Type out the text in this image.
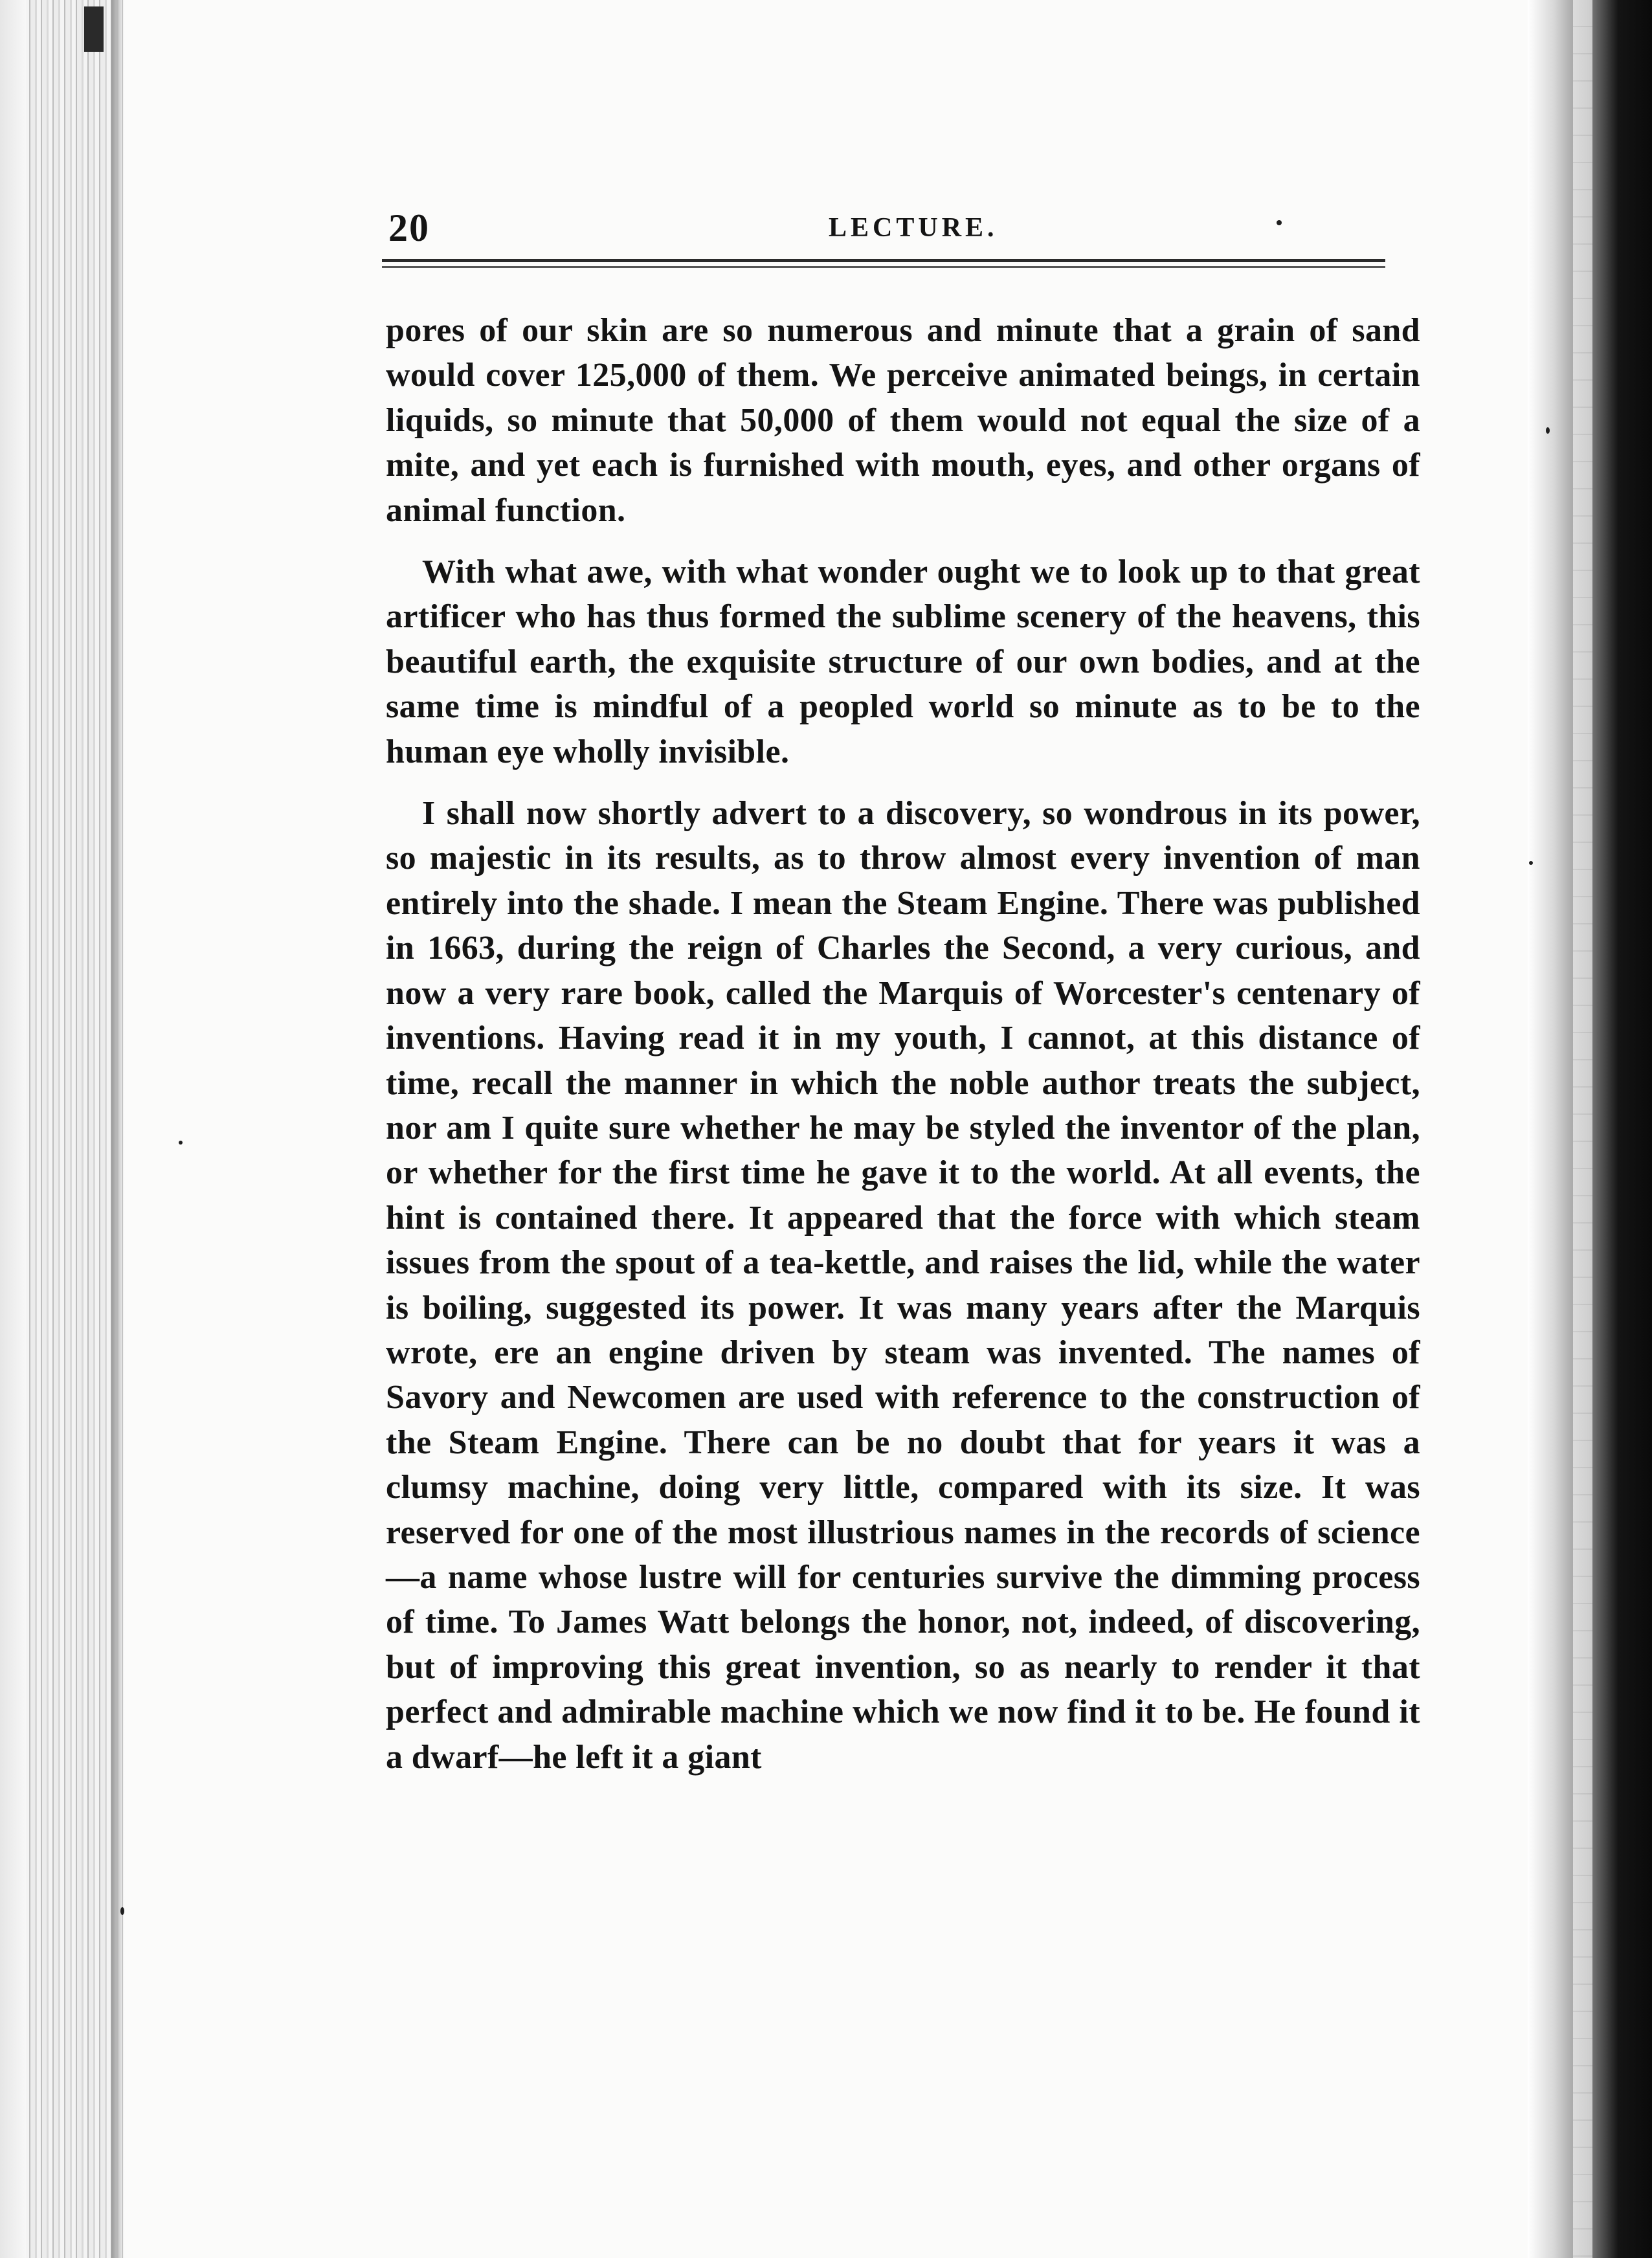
20	LECTURE.

pores of our skin are so numerous and minute that a grain of sand would cover 125,000 of them. We perceive animated beings, in certain liquids, so minute that 50,000 of them would not equal the size of a mite, and yet each is furnished with mouth, eyes, and other organs of animal function.

With what awe, with what wonder ought we to look up to that great artificer who has thus formed the sublime scenery of the heavens, this beautiful earth, the exquisite structure of our own bodies, and at the same time is mindful of a peopled world so minute as to be to the human eye wholly invisible.

I shall now shortly advert to a discovery, so wondrous in its power, so majestic in its results, as to throw almost every invention of man entirely into the shade. I mean the Steam Engine. There was published in 1663, during the reign of Charles the Second, a very curious, and now a very rare book, called the Marquis of Worcester's centenary of inventions. Having read it in my youth, I cannot, at this distance of time, recall the manner in which the noble author treats the subject, nor am I quite sure whether he may be styled the inventor of the plan, or whether for the first time he gave it to the world. At all events, the hint is contained there. It appeared that the force with which steam issues from the spout of a tea-kettle, and raises the lid, while the water is boiling, suggested its power. It was many years after the Marquis wrote, ere an engine driven by steam was invented. The names of Savory and Newcomen are used with reference to the construction of the Steam Engine. There can be no doubt that for years it was a clumsy machine, doing very little, compared with its size. It was reserved for one of the most illustrious names in the records of science—a name whose lustre will for centuries survive the dimming process of time. To James Watt belongs the honor, not, indeed, of discovering, but of improving this great invention, so as nearly to render it that perfect and admirable machine which we now find it to be. He found it a dwarf—he left it a giant
